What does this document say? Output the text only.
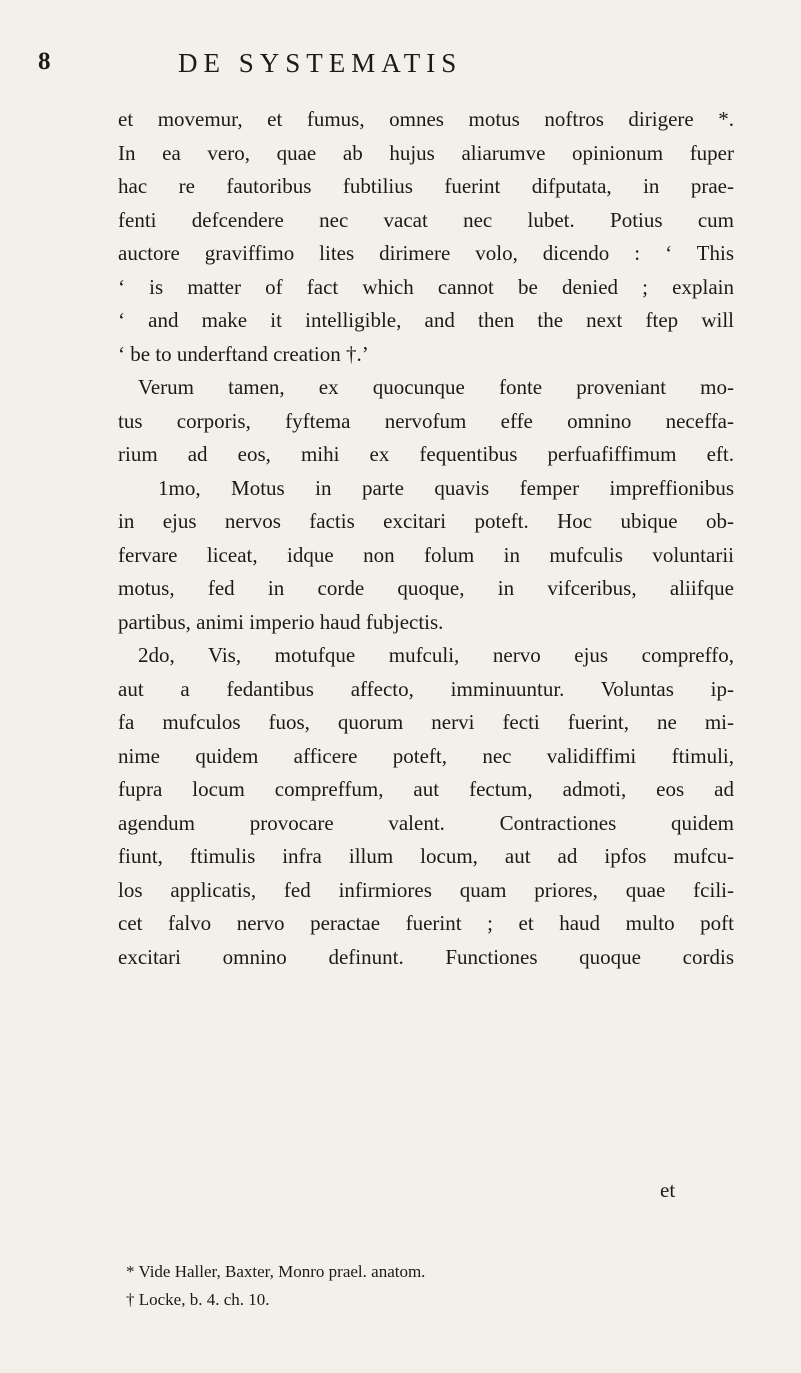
8	DE SYSTEMATIS
et movemur, et fumus, omnes motus noftros dirigere *.
In ea vero, quae ab hujus aliarumve opinionum fuper
hac re fautoribus fubtilius fuerint difputata, in prae-
fenti defcendere nec vacat nec lubet. Potius cum
auctore graviffimo lites dirimere volo, dicendo : ‘ This
‘ is matter of fact which cannot be denied ; explain
‘ and make it intelligible, and then the next ftep will
‘ be to underftand creation †.’
Verum tamen, ex quocunque fonte proveniant mo-
tus corporis, fyftema nervofum effe omnino neceffa-
rium ad eos, mihi ex fequentibus perfuafiffimum eft.
1mo, Motus in parte quavis femper impreffionibus
in ejus nervos factis excitari poteft. Hoc ubique ob-
fervare liceat, idque non folum in mufculis voluntarii
motus, fed in corde quoque, in vifceribus, aliifque
partibus, animi imperio haud fubjectis.
2do, Vis, motufque mufculi, nervo ejus compreffo,
aut a fedantibus affecto, imminuuntur. Voluntas ip-
fa mufculos fuos, quorum nervi fecti fuerint, ne mi-
nime quidem afficere poteft, nec validiffimi ftimuli,
fupra locum compreffum, aut fectum, admoti, eos ad
agendum provocare valent. Contractiones quidem
fiunt, ftimulis infra illum locum, aut ad ipfos mufcu-
los applicatis, fed infirmiores quam priores, quae fcili-
cet falvo nervo peractae fuerint ; et haud multo poft
excitari omnino definunt. Functiones quoque cordis
et
* Vide Haller, Baxter, Monro prael. anatom.
† Locke, b. 4. ch. 10.
